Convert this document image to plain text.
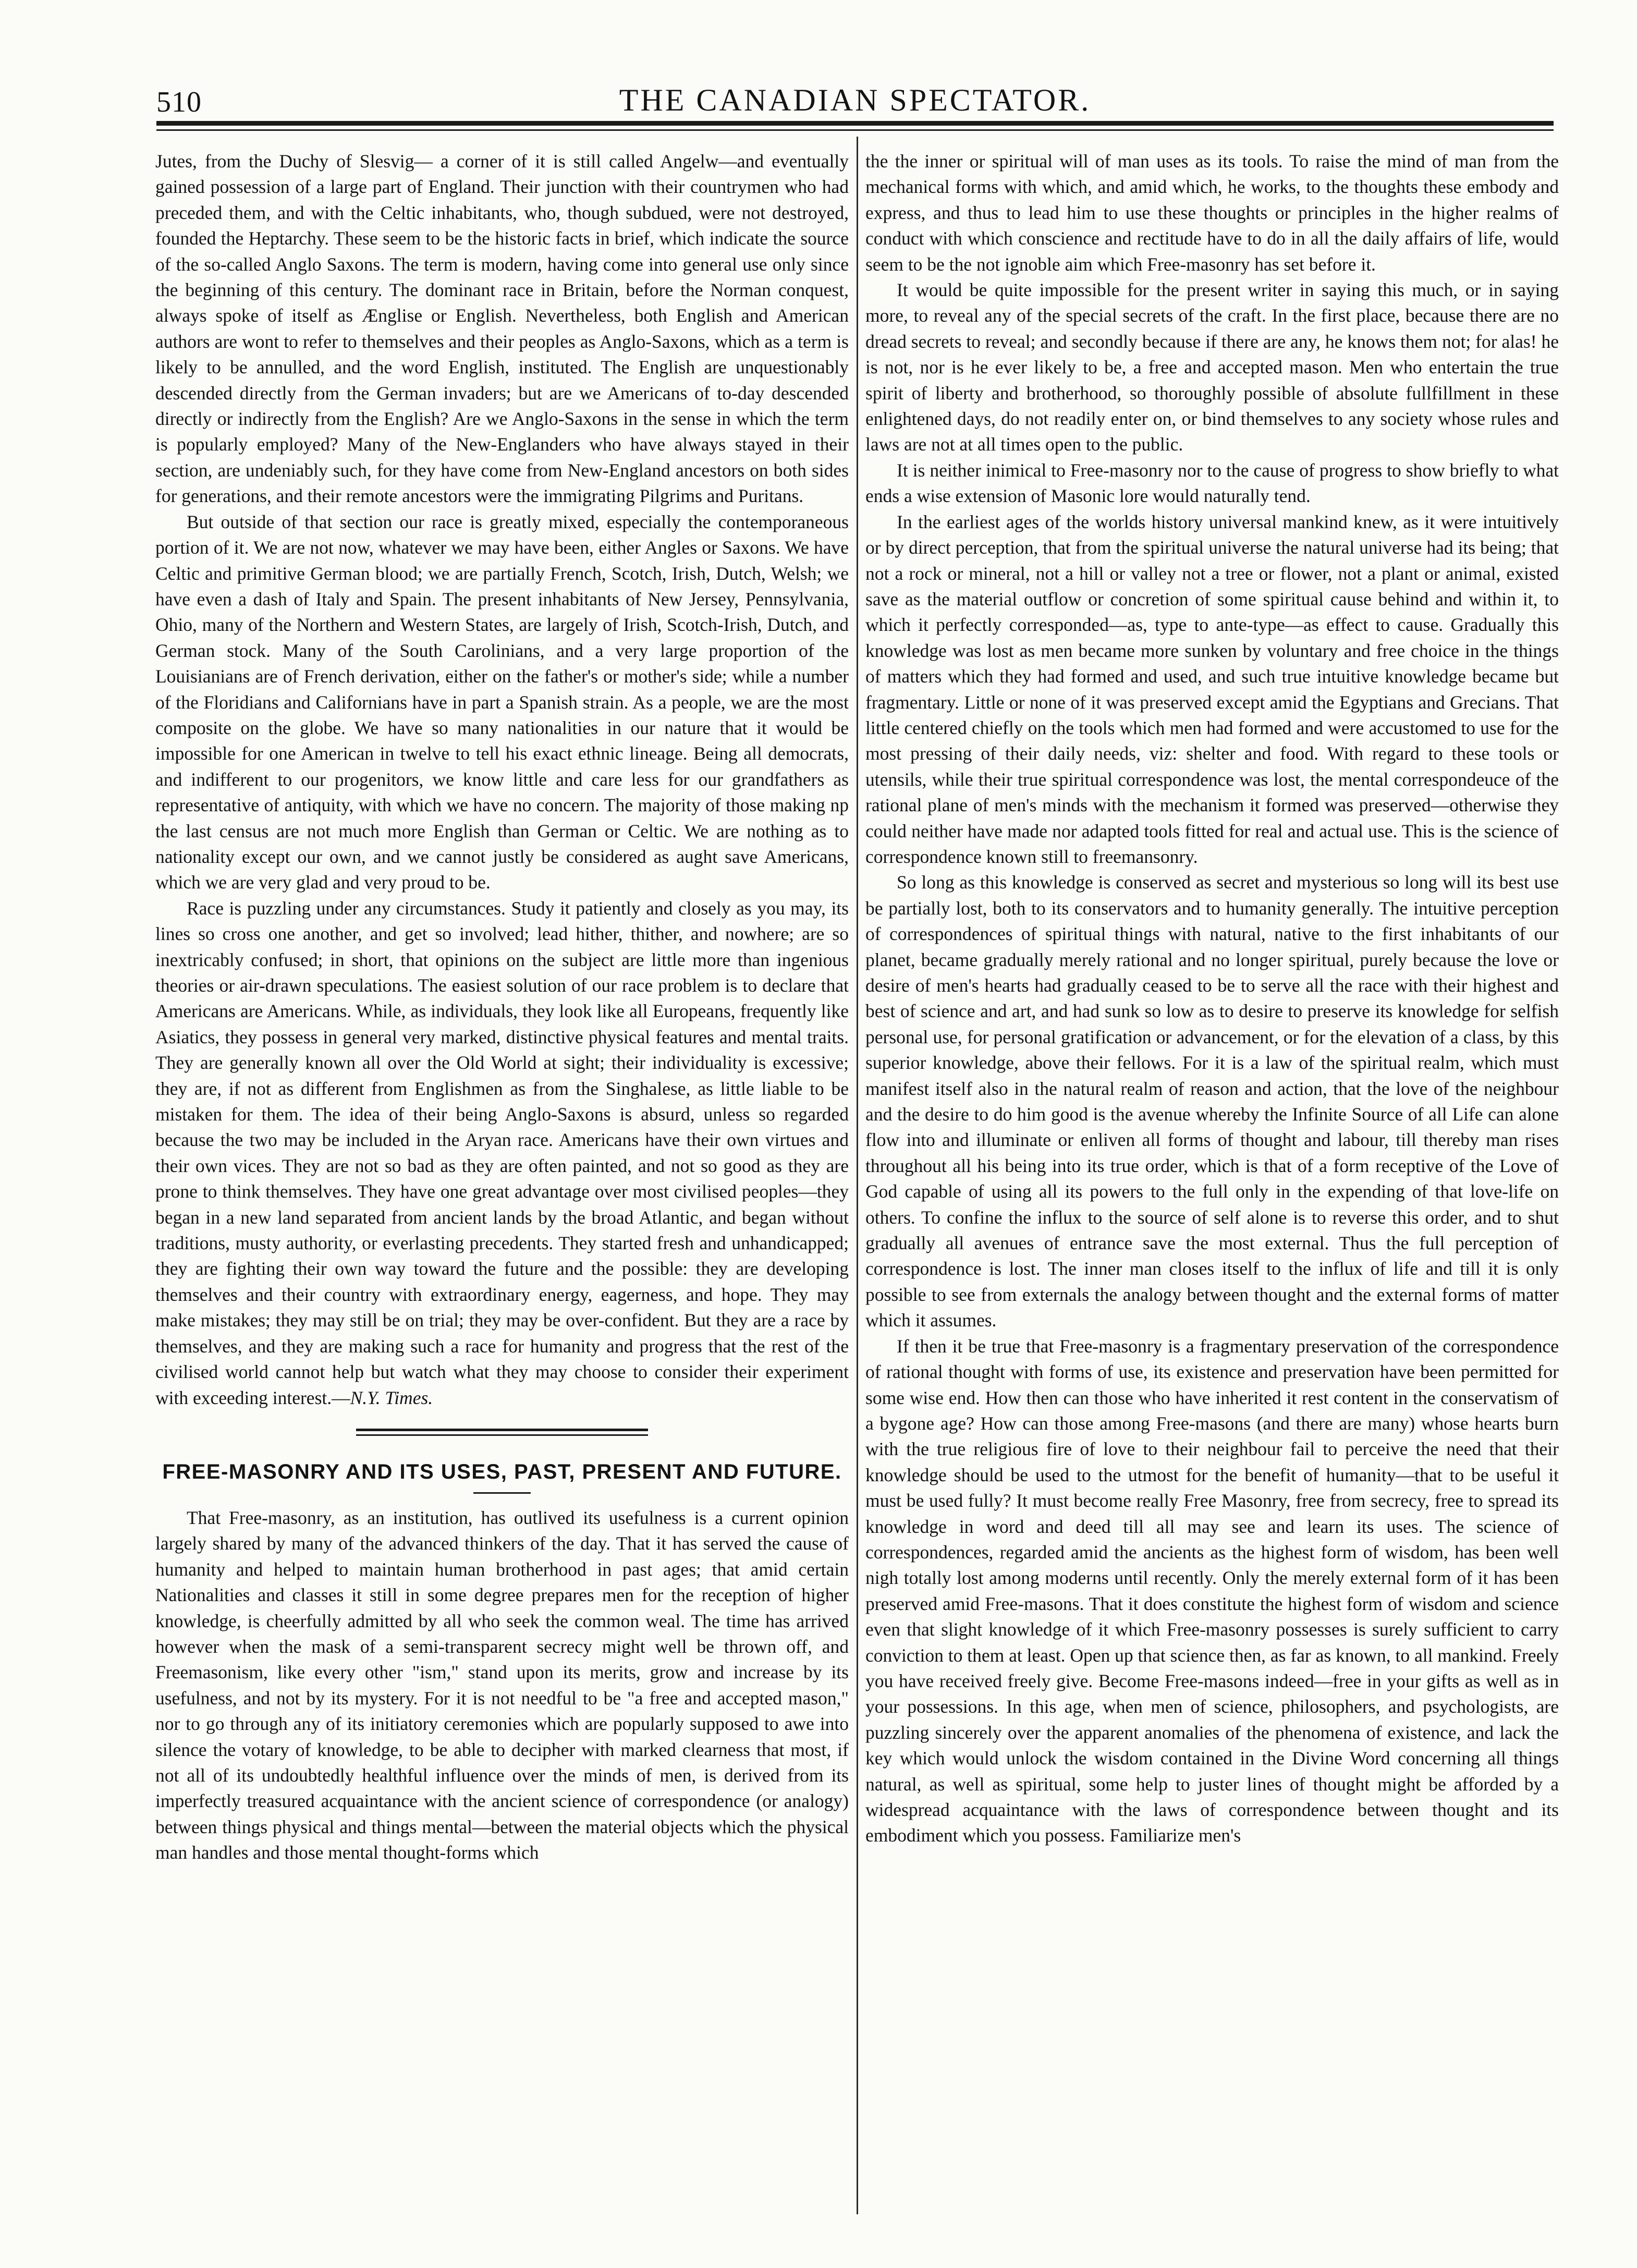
510	THE CANADIAN SPECTATOR.

Jutes, from the Duchy of Slesvig— a corner of it is still called Angelw—and eventually gained possession of a large part of England. Their junction with their countrymen who had preceded them, and with the Celtic inhabitants, who, though subdued, were not destroyed, founded the Heptarchy. These seem to be the historic facts in brief, which indicate the source of the so-called Anglo Saxons. The term is modern, having come into general use only since the beginning of this century. The dominant race in Britain, before the Norman conquest, always spoke of itself as Ænglise or English. Nevertheless, both English and American authors are wont to refer to themselves and their peoples as Anglo-Saxons, which as a term is likely to be annulled, and the word English, instituted. The English are unquestionably descended directly from the German invaders; but are we Americans of to-day descended directly or indirectly from the English? Are we Anglo-Saxons in the sense in which the term is popularly employed? Many of the New-Englanders who have always stayed in their section, are undeniably such, for they have come from New-England ancestors on both sides for generations, and their remote ancestors were the immigrating Pilgrims and Puritans.

But outside of that section our race is greatly mixed, especially the contemporaneous portion of it. We are not now, whatever we may have been, either Angles or Saxons. We have Celtic and primitive German blood; we are partially French, Scotch, Irish, Dutch, Welsh; we have even a dash of Italy and Spain. The present inhabitants of New Jersey, Pennsylvania, Ohio, many of the Northern and Western States, are largely of Irish, Scotch-Irish, Dutch, and German stock. Many of the South Carolinians, and a very large proportion of the Louisianians are of French derivation, either on the father's or mother's side; while a number of the Floridians and Californians have in part a Spanish strain. As a people, we are the most composite on the globe. We have so many nationalities in our nature that it would be impossible for one American in twelve to tell his exact ethnic lineage. Being all democrats, and indifferent to our progenitors, we know little and care less for our grandfathers as representative of antiquity, with which we have no concern. The majority of those making np the last census are not much more English than German or Celtic. We are nothing as to nationality except our own, and we cannot justly be considered as aught save Americans, which we are very glad and very proud to be.

Race is puzzling under any circumstances. Study it patiently and closely as you may, its lines so cross one another, and get so involved; lead hither, thither, and nowhere; are so inextricably confused; in short, that opinions on the subject are little more than ingenious theories or air-drawn speculations. The easiest solution of our race problem is to declare that Americans are Americans. While, as individuals, they look like all Europeans, frequently like Asiatics, they possess in general very marked, distinctive physical features and mental traits. They are generally known all over the Old World at sight; their individuality is excessive; they are, if not as different from Englishmen as from the Singhalese, as little liable to be mistaken for them. The idea of their being Anglo-Saxons is absurd, unless so regarded because the two may be included in the Aryan race. Americans have their own virtues and their own vices. They are not so bad as they are often painted, and not so good as they are prone to think themselves. They have one great advantage over most civilised peoples—they began in a new land separated from ancient lands by the broad Atlantic, and began without traditions, musty authority, or everlasting precedents. They started fresh and unhandicapped; they are fighting their own way toward the future and the possible: they are developing themselves and their country with extraordinary energy, eagerness, and hope. They may make mistakes; they may still be on trial; they may be over-confident. But they are a race by themselves, and they are making such a race for humanity and progress that the rest of the civilised world cannot help but watch what they may choose to consider their experiment with exceeding interest.—N.Y. Times.

FREE-MASONRY AND ITS USES, PAST, PRESENT AND FUTURE.

That Free-masonry, as an institution, has outlived its usefulness is a current opinion largely shared by many of the advanced thinkers of the day. That it has served the cause of humanity and helped to maintain human brotherhood in past ages; that amid certain Nationalities and classes it still in some degree prepares men for the reception of higher knowledge, is cheerfully admitted by all who seek the common weal. The time has arrived however when the mask of a semi-transparent secrecy might well be thrown off, and Freemasonism, like every other "ism," stand upon its merits, grow and increase by its usefulness, and not by its mystery. For it is not needful to be "a free and accepted mason," nor to go through any of its initiatory ceremonies which are popularly supposed to awe into silence the votary of knowledge, to be able to decipher with marked clearness that most, if not all of its undoubtedly healthful influence over the minds of men, is derived from its imperfectly treasured acquaintance with the ancient science of correspondence (or analogy) between things physical and things mental—between the material objects which the physical man handles and those mental thought-forms which

the the inner or spiritual will of man uses as its tools. To raise the mind of man from the mechanical forms with which, and amid which, he works, to the thoughts these embody and express, and thus to lead him to use these thoughts or principles in the higher realms of conduct with which conscience and rectitude have to do in all the daily affairs of life, would seem to be the not ignoble aim which Free-masonry has set before it.

It would be quite impossible for the present writer in saying this much, or in saying more, to reveal any of the special secrets of the craft. In the first place, because there are no dread secrets to reveal; and secondly because if there are any, he knows them not; for alas! he is not, nor is he ever likely to be, a free and accepted mason. Men who entertain the true spirit of liberty and brotherhood, so thoroughly possible of absolute fullfillment in these enlightened days, do not readily enter on, or bind themselves to any society whose rules and laws are not at all times open to the public.

It is neither inimical to Free-masonry nor to the cause of progress to show briefly to what ends a wise extension of Masonic lore would naturally tend.

In the earliest ages of the worlds history universal mankind knew, as it were intuitively or by direct perception, that from the spiritual universe the natural universe had its being; that not a rock or mineral, not a hill or valley not a tree or flower, not a plant or animal, existed save as the material outflow or concretion of some spiritual cause behind and within it, to which it perfectly corresponded—as, type to ante-type—as effect to cause. Gradually this knowledge was lost as men became more sunken by voluntary and free choice in the things of matters which they had formed and used, and such true intuitive knowledge became but fragmentary. Little or none of it was preserved except amid the Egyptians and Grecians. That little centered chiefly on the tools which men had formed and were accustomed to use for the most pressing of their daily needs, viz: shelter and food. With regard to these tools or utensils, while their true spiritual correspondence was lost, the mental correspondeuce of the rational plane of men's minds with the mechanism it formed was preserved—otherwise they could neither have made nor adapted tools fitted for real and actual use. This is the science of correspondence known still to freemansonry.

So long as this knowledge is conserved as secret and mysterious so long will its best use be partially lost, both to its conservators and to humanity generally. The intuitive perception of correspondences of spiritual things with natural, native to the first inhabitants of our planet, became gradually merely rational and no longer spiritual, purely because the love or desire of men's hearts had gradually ceased to be to serve all the race with their highest and best of science and art, and had sunk so low as to desire to preserve its knowledge for selfish personal use, for personal gratification or advancement, or for the elevation of a class, by this superior knowledge, above their fellows. For it is a law of the spiritual realm, which must manifest itself also in the natural realm of reason and action, that the love of the neighbour and the desire to do him good is the avenue whereby the Infinite Source of all Life can alone flow into and illuminate or enliven all forms of thought and labour, till thereby man rises throughout all his being into its true order, which is that of a form receptive of the Love of God capable of using all its powers to the full only in the expending of that love-life on others. To confine the influx to the source of self alone is to reverse this order, and to shut gradually all avenues of entrance save the most external. Thus the full perception of correspondence is lost. The inner man closes itself to the influx of life and till it is only possible to see from externals the analogy between thought and the external forms of matter which it assumes.

If then it be true that Free-masonry is a fragmentary preservation of the correspondence of rational thought with forms of use, its existence and preservation have been permitted for some wise end. How then can those who have inherited it rest content in the conservatism of a bygone age? How can those among Free-masons (and there are many) whose hearts burn with the true religious fire of love to their neighbour fail to perceive the need that their knowledge should be used to the utmost for the benefit of humanity—that to be useful it must be used fully? It must become really Free Masonry, free from secrecy, free to spread its knowledge in word and deed till all may see and learn its uses. The science of correspondences, regarded amid the ancients as the highest form of wisdom, has been well nigh totally lost among moderns until recently. Only the merely external form of it has been preserved amid Free-masons. That it does constitute the highest form of wisdom and science even that slight knowledge of it which Free-masonry possesses is surely sufficient to carry conviction to them at least. Open up that science then, as far as known, to all mankind. Freely you have received freely give. Become Free-masons indeed—free in your gifts as well as in your possessions. In this age, when men of science, philosophers, and psychologists, are puzzling sincerely over the apparent anomalies of the phenomena of existence, and lack the key which would unlock the wisdom contained in the Divine Word concerning all things natural, as well as spiritual, some help to juster lines of thought might be afforded by a widespread acquaintance with the laws of correspondence between thought and its embodiment which you possess. Familiarize men's
